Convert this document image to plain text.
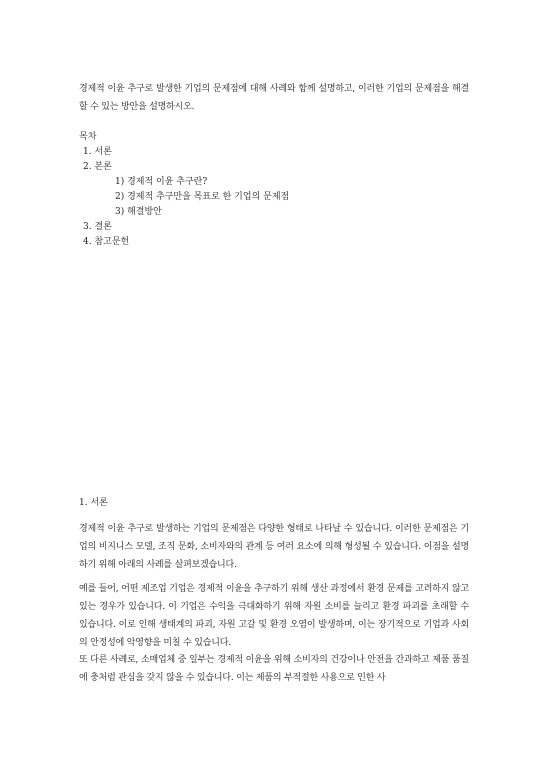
경제적 이윤 추구로 발생한 기업의 문제점에 대해 사례와 함께 설명하고, 이러한 기업의 문제점을 해결할 수 있는 방안을 설명하시오.
목차
1. 서론
2. 본론
1) 경제적 이윤 추구란?
2) 경제적 추구만을 목표로 한 기업의 문제점
3) 해결방안
3. 결론
4. 참고문헌
1. 서론
경제적 이윤 추구로 발생하는 기업의 문제점은 다양한 형태로 나타날 수 있습니다. 이러한 문제점은 기업의 비지니스 모델, 조직 문화, 소비자와의 관계 등 여러 요소에 의해 형성될 수 있습니다. 이점을 설명하기 위해 아래의 사례를 살펴보겠습니다.
예를 들어, 어떤 제조업 기업은 경제적 이윤을 추구하기 위해 생산 과정에서 환경 문제를 고려하지 않고 있는 경우가 있습니다. 이 기업은 수익을 극대화하기 위해 자원 소비를 늘리고 환경 파괴를 초래할 수 있습니다. 이로 인해 생태계의 파괴, 자원 고갈 및 환경 오염이 발생하며, 이는 장기적으로 기업과 사회의 안정성에 악영향을 미칠 수 있습니다.
또 다른 사례로, 소매업체 중 일부는 경제적 이윤을 위해 소비자의 건강이나 안전을 간과하고 제품 품질에 충처럼 관심을 갖지 않을 수 있습니다. 이는 제품의 부적절한 사용으로 인한 사
